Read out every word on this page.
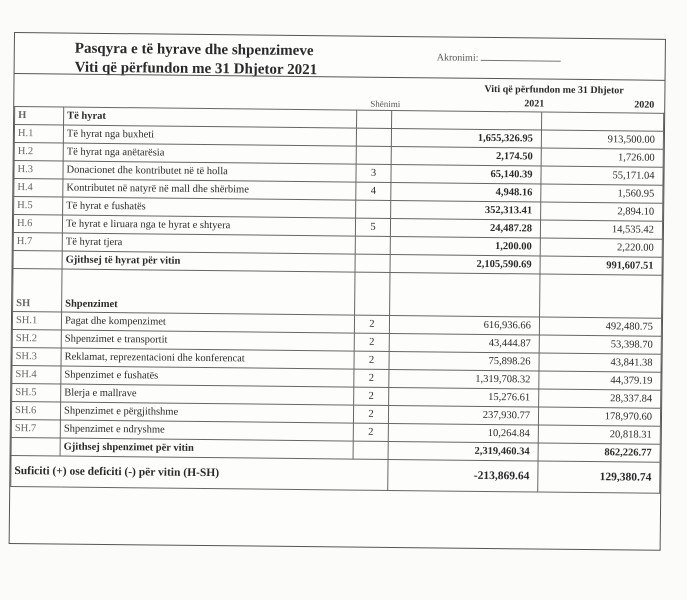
Pasqyra e të hyrave dhe shpenzimeve
Viti që përfundon me 31 Dhjetor 2021
Akronimi:
Shënimi
Viti që përfundon me 31 Dhjetor
2021	2020
H	Të hyrat			
H.1	Të hyrat nga buxheti		1,655,326.95	913,500.00
H.2	Të hyrat nga anëtarësia		2,174.50	1,726.00
H.3	Donacionet dhe kontributet në të holla	3	65,140.39	55,171.04
H.4	Kontributet në natyrë në mall dhe shërbime	4	4,948.16	1,560.95
H.5	Të hyrat e fushatës		352,313.41	2,894.10
H.6	Te hyrat e liruara nga te hyrat e shtyera	5	24,487.28	14,535.42
H.7	Të hyrat tjera		1,200.00	2,220.00
	Gjithsej të hyrat për vitin		2,105,590.69	991,607.51
SH	Shpenzimet			
SH.1	Pagat dhe kompenzimet	2	616,936.66	492,480.75
SH.2	Shpenzimet e transportit	2	43,444.87	53,398.70
SH.3	Reklamat, reprezentacioni dhe konferencat	2	75,898.26	43,841.38
SH.4	Shpenzimet e fushatës	2	1,319,708.32	44,379.19
SH.5	Blerja e mallrave	2	15,276.61	28,337.84
SH.6	Shpenzimet e përgjithshme	2	237,930.77	178,970.60
SH.7	Shpenzimet e ndryshme	2	10,264.84	20,818.31
	Gjithsej shpenzimet për vitin		2,319,460.34	862,226.77
Suficiti (+) ose deficiti (-) për vitin (H-SH)			-213,869.64	129,380.74
